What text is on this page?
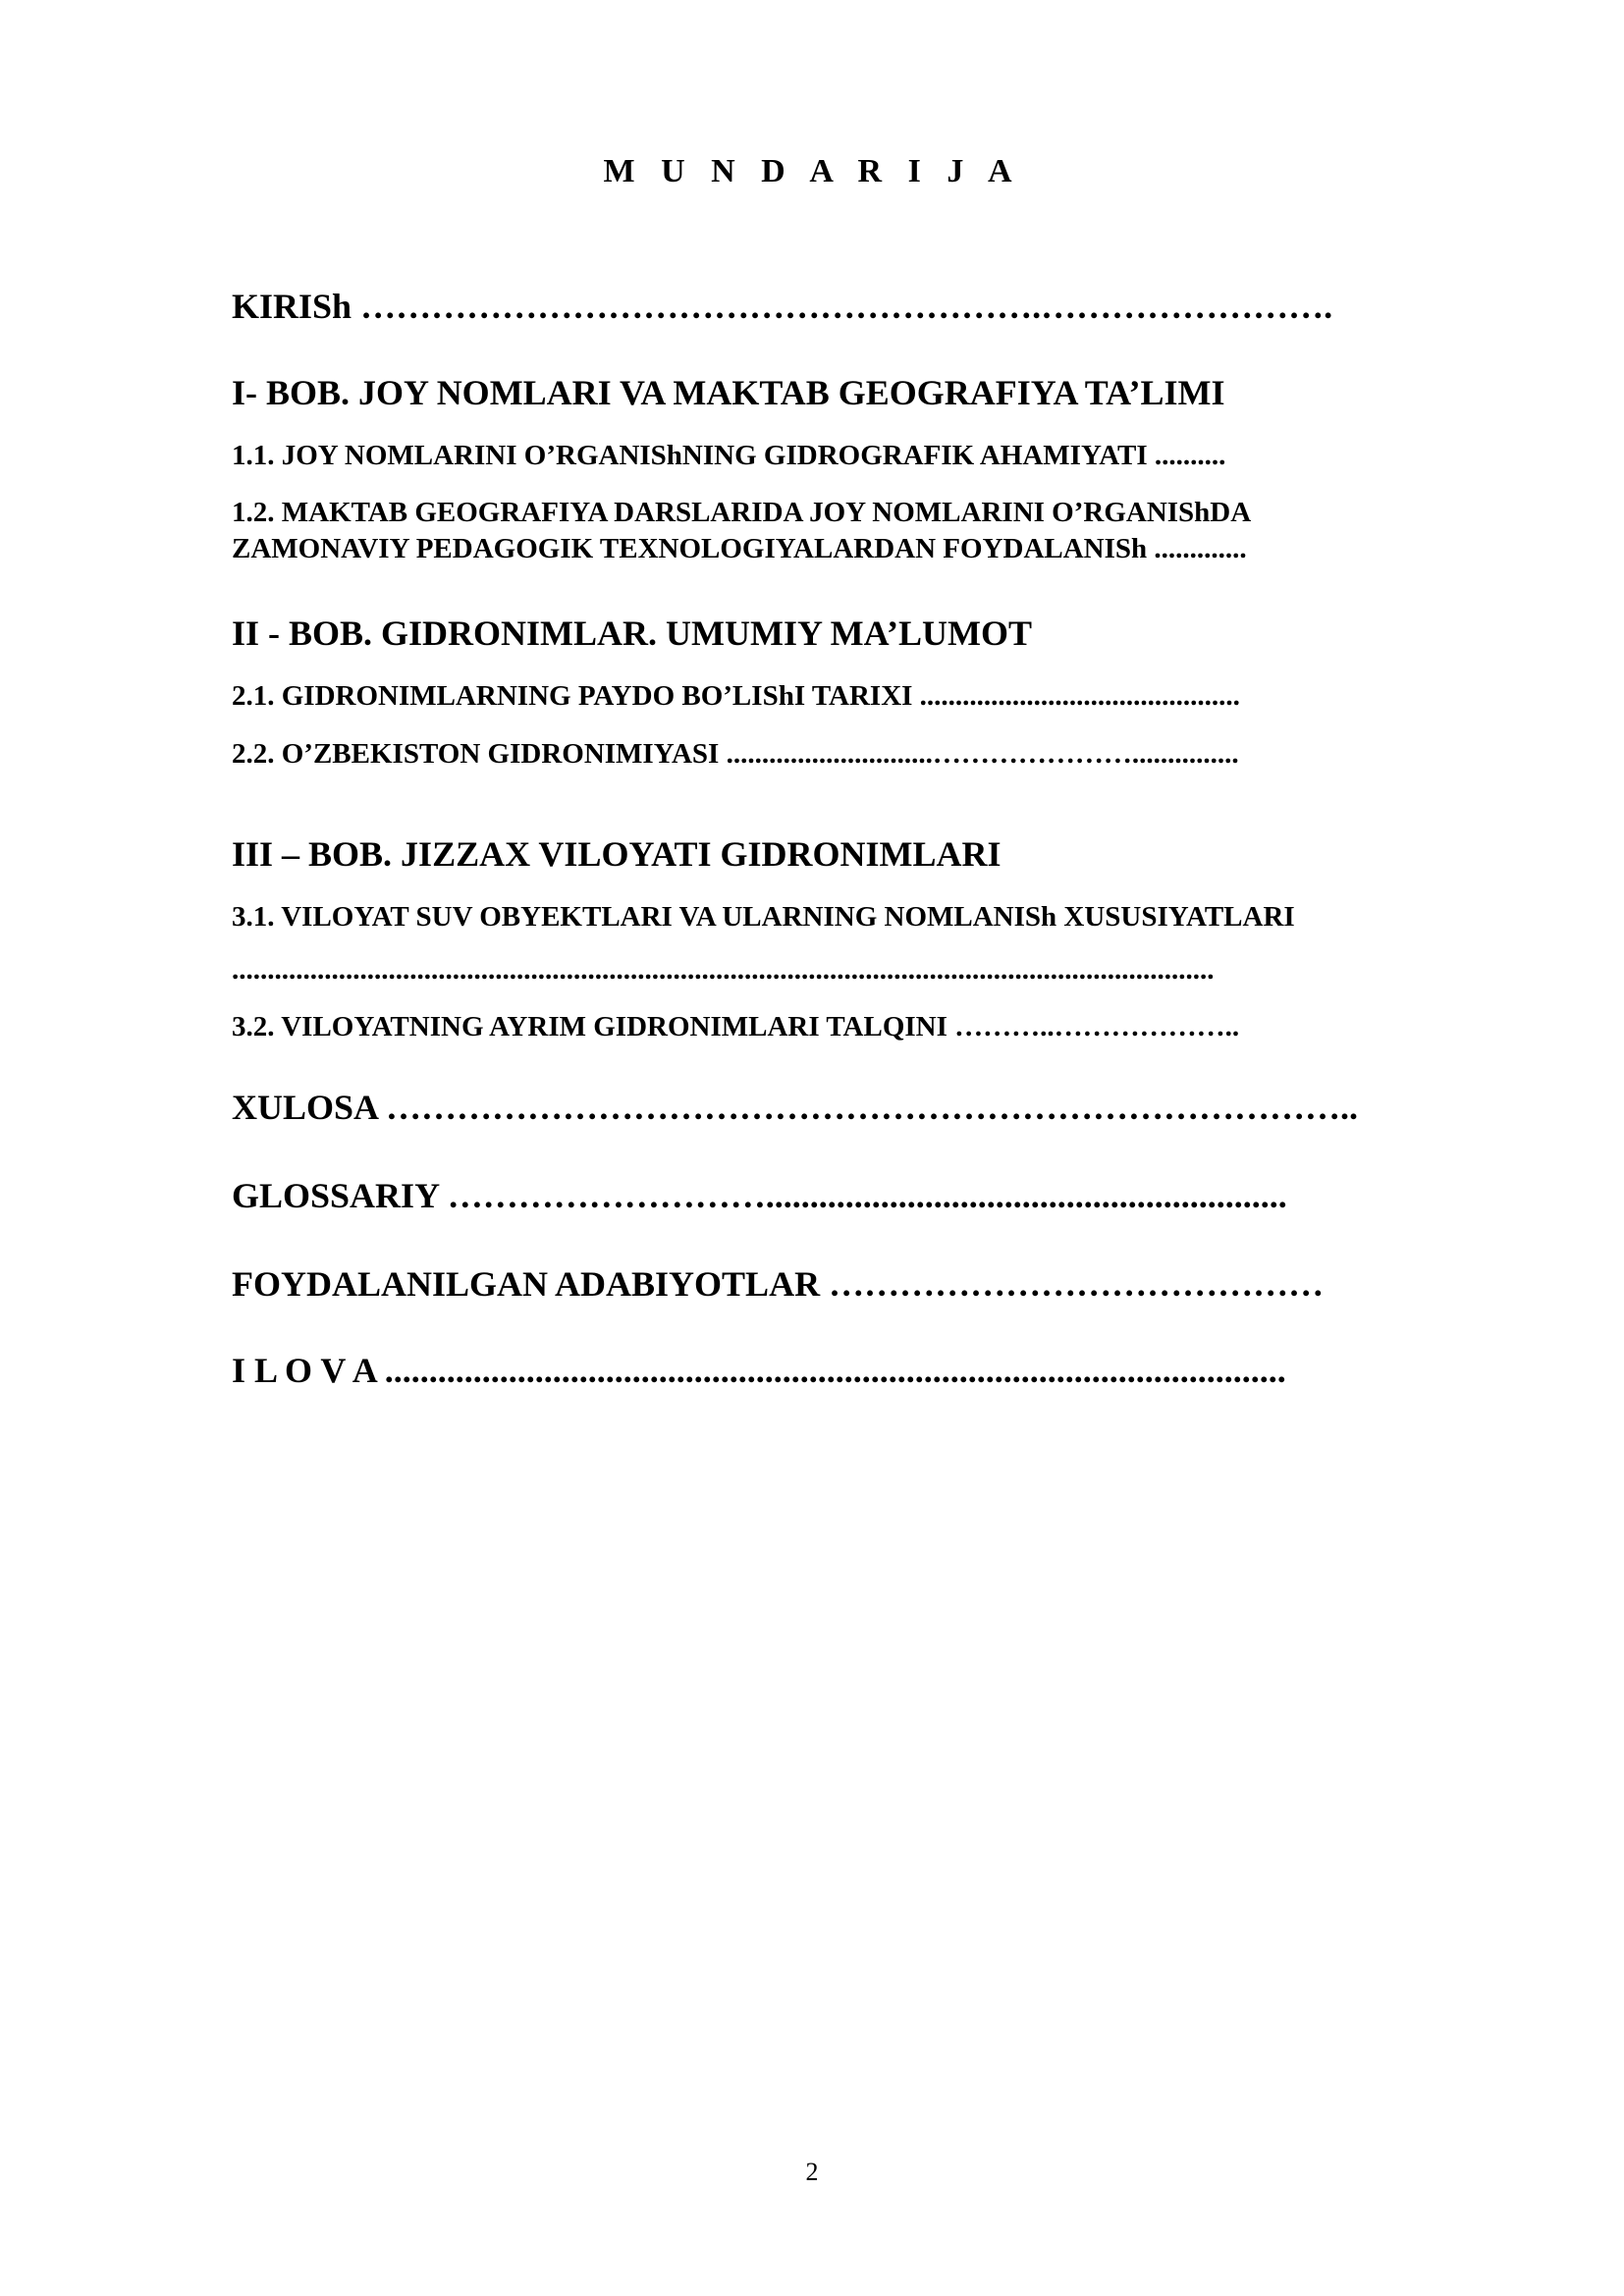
M U N D A R I J A
KIRISh ………………………………………………….…………………….
I- BOB. JOY NOMLARI VA MAKTAB GEOGRAFIYA TA’LIMI
1.1. JOY NOMLARINI O’RGANIShNING GIDROGRAFIK AHAMIYATI ..........
1.2. MAKTAB GEOGRAFIYA DARSLARIDA JOY NOMLARINI O’RGANIShDA
ZAMONAVIY PEDAGOGIK TEXNOLOGIYALARDAN FOYDALANISh .............
II - BOB. GIDRONIMLAR. UMUMIY MA’LUMOT
2.1. GIDRONIMLARNING PAYDO BO’LIShI TARIXI .............................................
2.2. O’ZBEKISTON GIDRONIMIYASI .............................…………………...............
III – BOB. JIZZAX VILOYATI GIDRONIMLARI
3.1. VILOYAT SUV OBYEKTLARI VA ULARNING NOMLANISh XUSUSIYATLARI
..........................................................................................................................................
3.2. VILOYATNING AYRIM GIDRONIMLARI TALQINI ………..………………..
XULOSA ………………………………………………………………………..
GLOSSARIY ………………………...........................................................
FOYDALANILGAN ADABIYOTLAR ……………………………………
I L O V A ......................................................................................................
2
